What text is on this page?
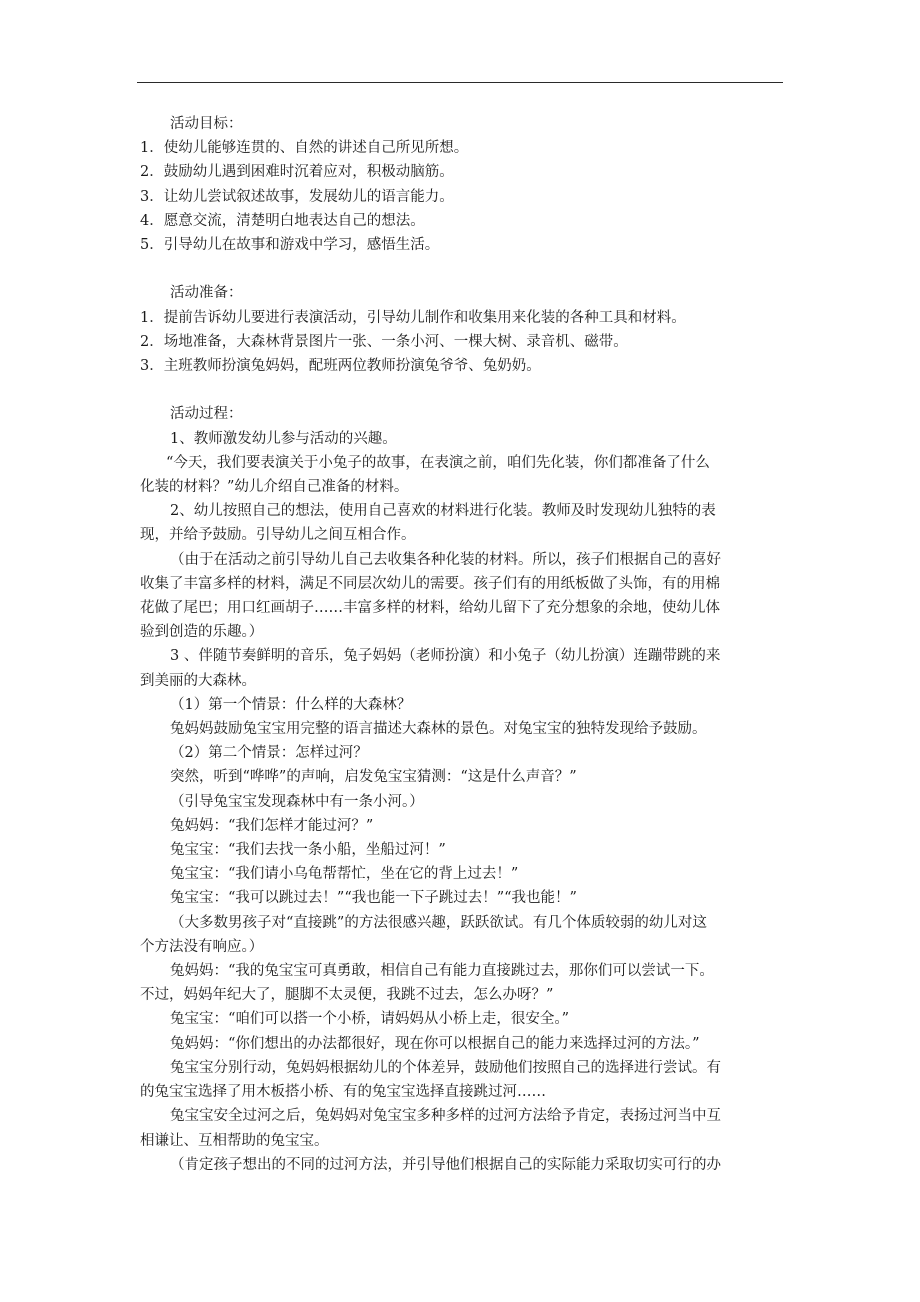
活动目标：
1．使幼儿能够连贯的、自然的讲述自己所见所想。
2．鼓励幼儿遇到困难时沉着应对，积极动脑筋。
3．让幼儿尝试叙述故事，发展幼儿的语言能力。
4．愿意交流，清楚明白地表达自己的想法。
5．引导幼儿在故事和游戏中学习，感悟生活。
活动准备：
1．提前告诉幼儿要进行表演活动，引导幼儿制作和收集用来化装的各种工具和材料。
2．场地准备，大森林背景图片一张、一条小河、一棵大树、录音机、磁带。
3．主班教师扮演兔妈妈，配班两位教师扮演兔爷爷、兔奶奶。
活动过程：
1、教师激发幼儿参与活动的兴趣。
“今天，我们要表演关于小兔子的故事，在表演之前，咱们先化装，你们都准备了什么
化装的材料？”幼儿介绍自己准备的材料。
2、幼儿按照自己的想法，使用自己喜欢的材料进行化装。教师及时发现幼儿独特的表
现，并给予鼓励。引导幼儿之间互相合作。
（由于在活动之前引导幼儿自己去收集各种化装的材料。所以，孩子们根据自己的喜好
收集了丰富多样的材料，满足不同层次幼儿的需要。孩子们有的用纸板做了头饰，有的用棉
花做了尾巴；用口红画胡子……丰富多样的材料，给幼儿留下了充分想象的余地，使幼儿体
验到创造的乐趣。）
3 、伴随节奏鲜明的音乐，兔子妈妈（老师扮演）和小兔子（幼儿扮演）连蹦带跳的来
到美丽的大森林。
（1）第一个情景：什么样的大森林？
兔妈妈鼓励兔宝宝用完整的语言描述大森林的景色。对兔宝宝的独特发现给予鼓励。
（2）第二个情景：怎样过河？
突然，听到“哗哗”的声响，启发兔宝宝猜测：“这是什么声音？”
（引导兔宝宝发现森林中有一条小河。）
兔妈妈：“我们怎样才能过河？”
兔宝宝：“我们去找一条小船，坐船过河！”
兔宝宝：“我们请小乌龟帮帮忙，坐在它的背上过去！”
兔宝宝：“我可以跳过去！”“我也能一下子跳过去！”“我也能！”
（大多数男孩子对“直接跳”的方法很感兴趣，跃跃欲试。有几个体质较弱的幼儿对这
个方法没有响应。）
兔妈妈：“我的兔宝宝可真勇敢，相信自己有能力直接跳过去，那你们可以尝试一下。
不过，妈妈年纪大了，腿脚不太灵便，我跳不过去，怎么办呀？”
兔宝宝：“咱们可以搭一个小桥，请妈妈从小桥上走，很安全。”
兔妈妈：“你们想出的办法都很好，现在你可以根据自己的能力来选择过河的方法。”
兔宝宝分别行动，兔妈妈根据幼儿的个体差异，鼓励他们按照自己的选择进行尝试。有
的兔宝宝选择了用木板搭小桥、有的兔宝宝选择直接跳过河……
兔宝宝安全过河之后，兔妈妈对兔宝宝多种多样的过河方法给予肯定，表扬过河当中互
相谦让、互相帮助的兔宝宝。
（肯定孩子想出的不同的过河方法，并引导他们根据自己的实际能力采取切实可行的办
